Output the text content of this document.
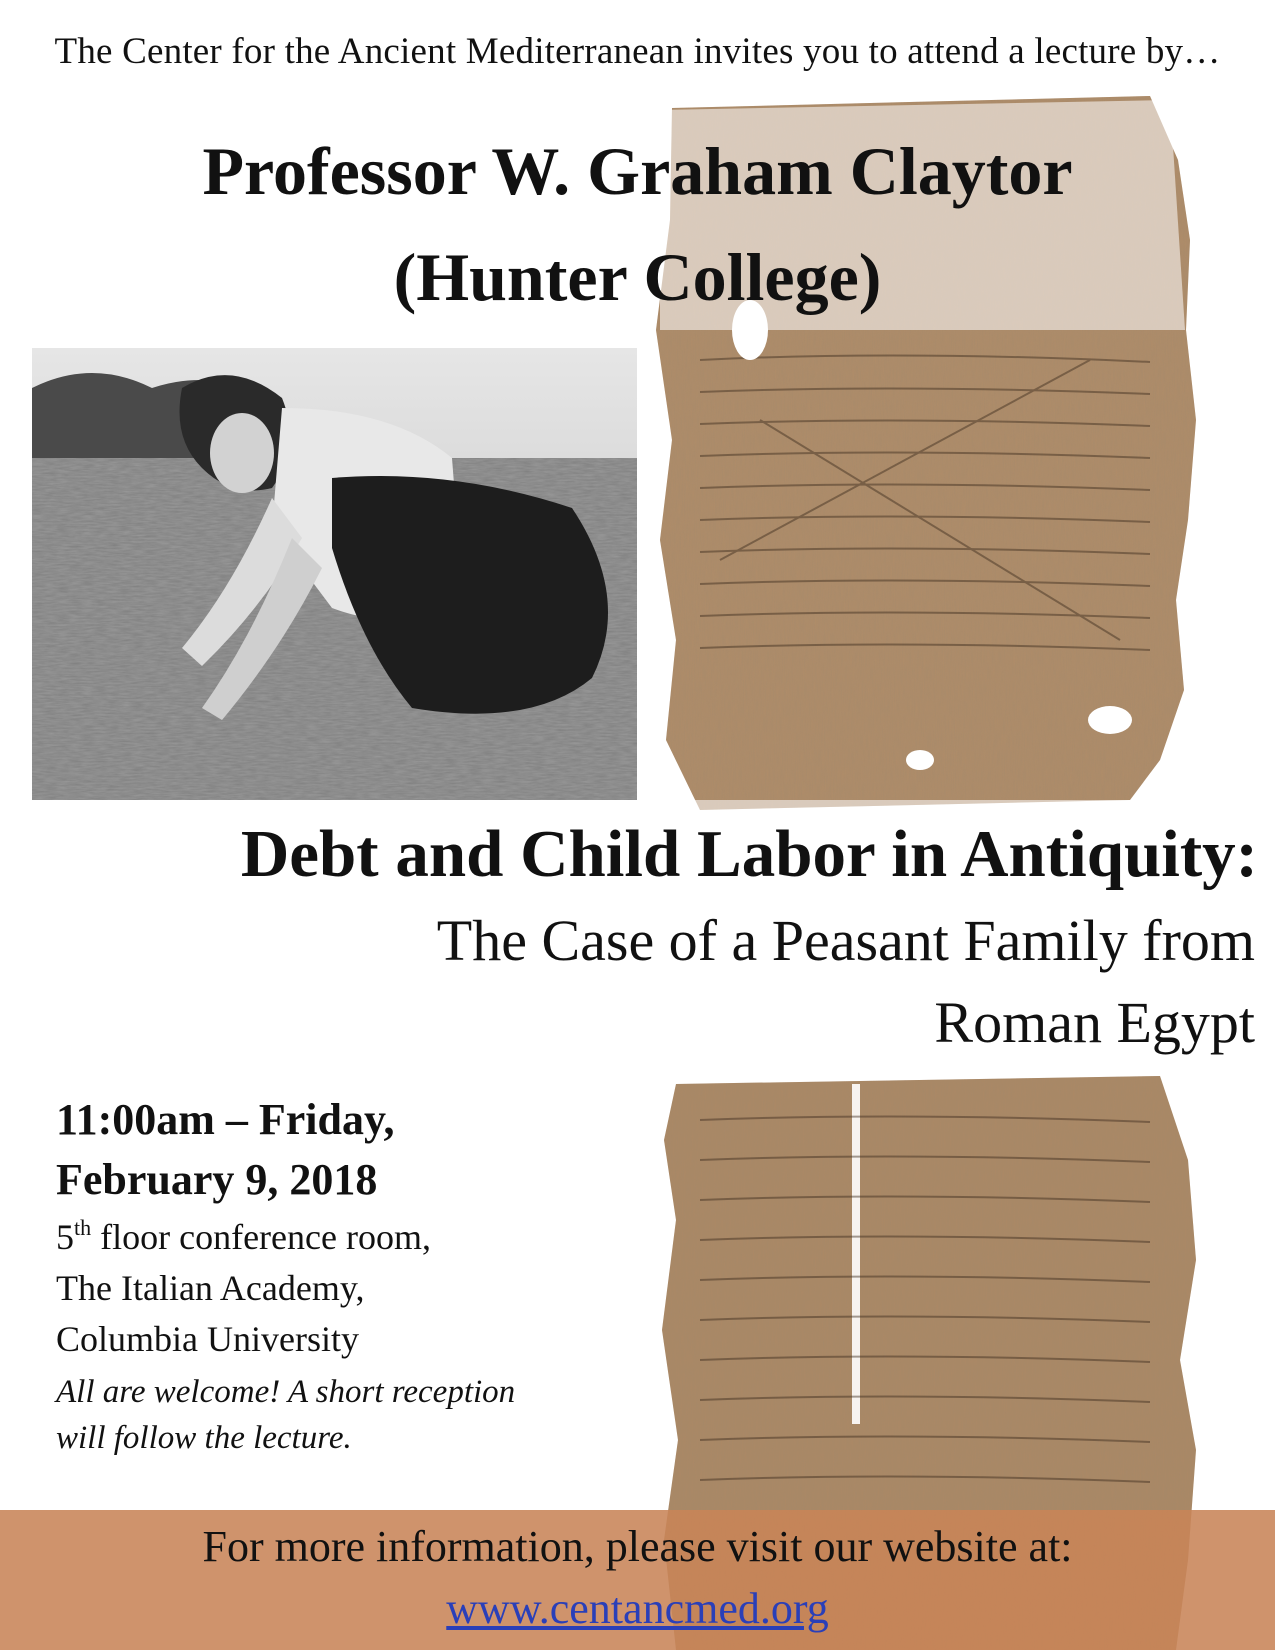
The Center for the Ancient Mediterranean invites you to attend a lecture by…
Professor W. Graham Claytor
(Hunter College)
Debt and Child Labor in Antiquity:
The Case of a Peasant Family from
Roman Egypt
11:00am – Friday,
February 9, 2018
5th floor conference room,
The Italian Academy,
Columbia University
All are welcome! A short reception
will follow the lecture.
For more information, please visit our website at:
www.centancmed.org
